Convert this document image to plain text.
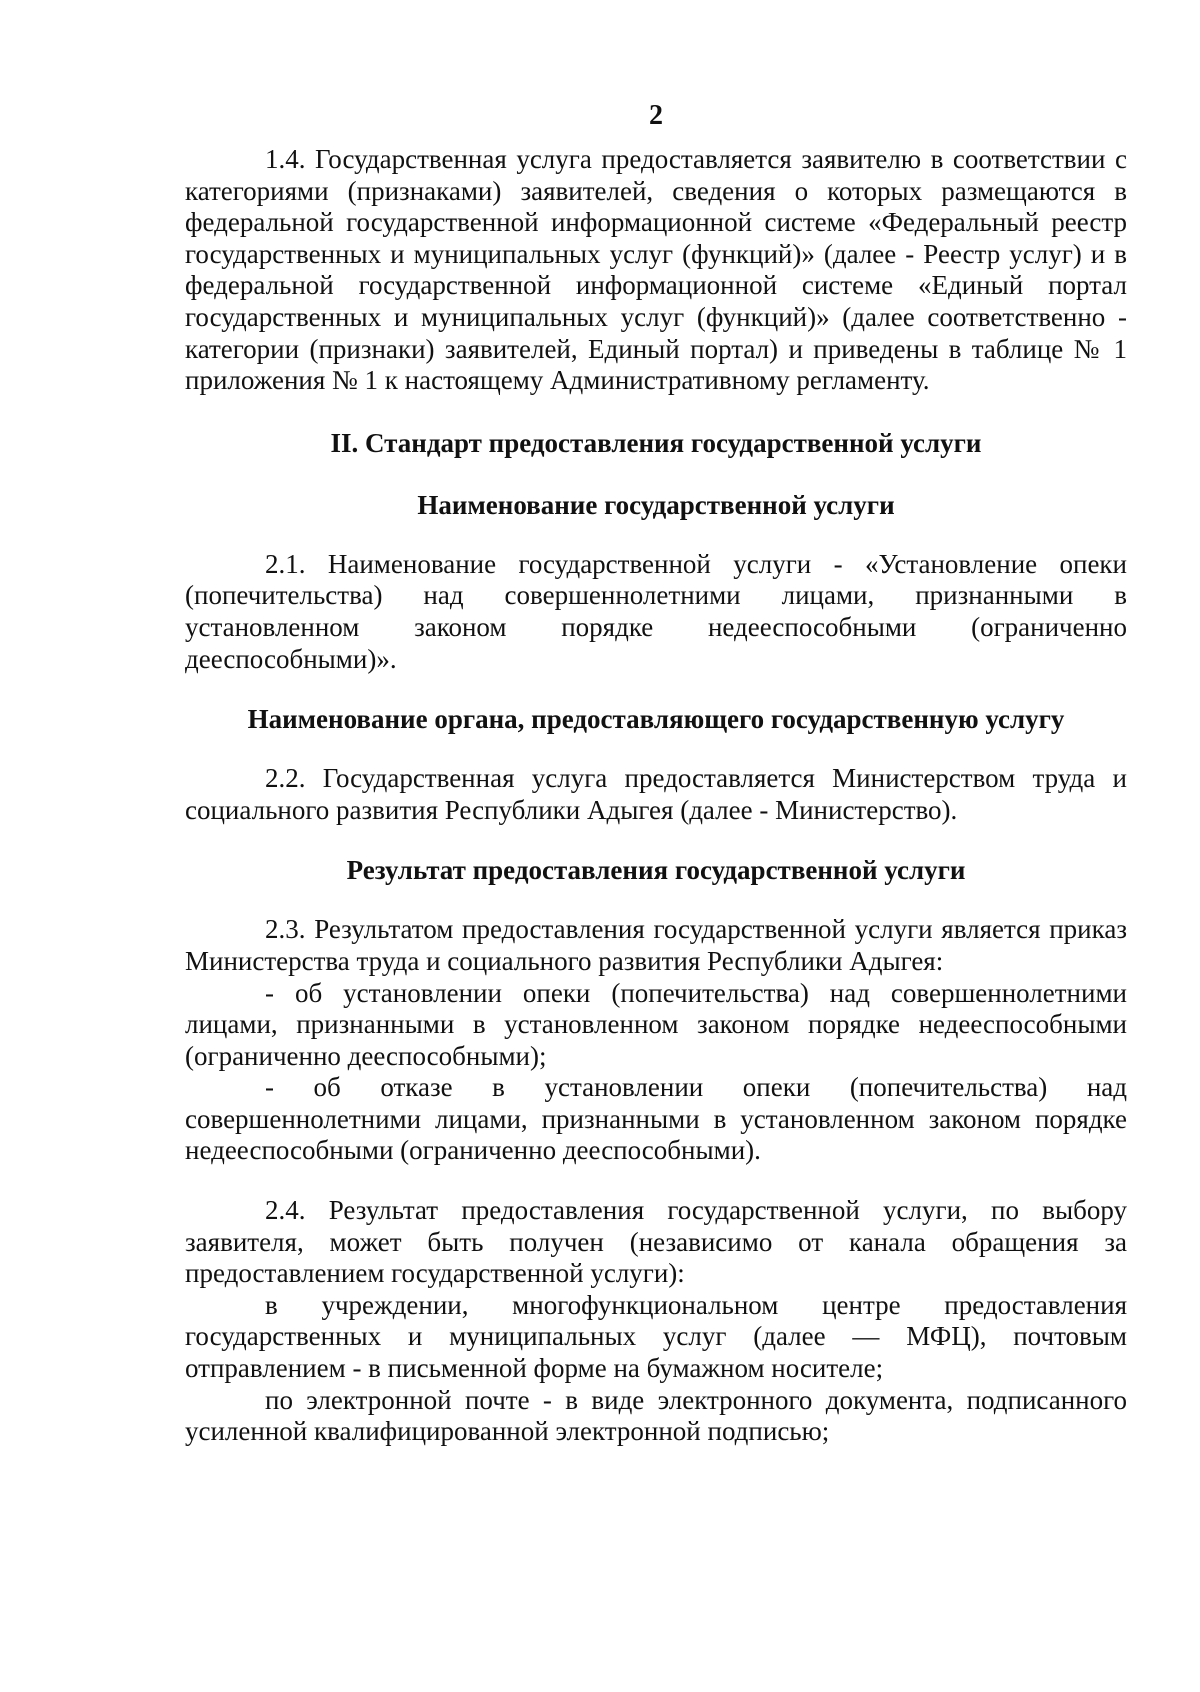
2

1.4. Государственная услуга предоставляется заявителю в соответствии с категориями (признаками) заявителей, сведения о которых размещаются в федеральной государственной информационной системе «Федеральный реестр государственных и муниципальных услуг (функций)» (далее - Реестр услуг) и в федеральной государственной информационной системе «Единый портал государственных и муниципальных услуг (функций)» (далее соответственно - категории (признаки) заявителей, Единый портал) и приведены в таблице № 1 приложения № 1 к настоящему Административному регламенту.

II. Стандарт предоставления государственной услуги
Наименование государственной услуги

2.1. Наименование государственной услуги - «Установление опеки (попечительства) над совершеннолетними лицами, признанными в установленном законом порядке недееспособными (ограниченно дееспособными)».

Наименование органа, предоставляющего государственную услугу

2.2. Государственная услуга предоставляется Министерством труда и социального развития Республики Адыгея (далее - Министерство).

Результат предоставления государственной услуги

2.3. Результатом предоставления государственной услуги является приказ Министерства труда и социального развития Республики Адыгея:

- об установлении опеки (попечительства) над совершеннолетними лицами, признанными в установленном законом порядке недееспособными (ограниченно дееспособными);

- об отказе в установлении опеки (попечительства) над совершеннолетними лицами, признанными в установленном законом порядке недееспособными (ограниченно дееспособными).

2.4. Результат предоставления государственной услуги, по выбору заявителя, может быть получен (независимо от канала обращения за предоставлением государственной услуги):

в учреждении, многофункциональном центре предоставления государственных и муниципальных услуг (далее — МФЦ), почтовым отправлением - в письменной форме на бумажном носителе;

по электронной почте - в виде электронного документа, подписанного усиленной квалифицированной электронной подписью;
